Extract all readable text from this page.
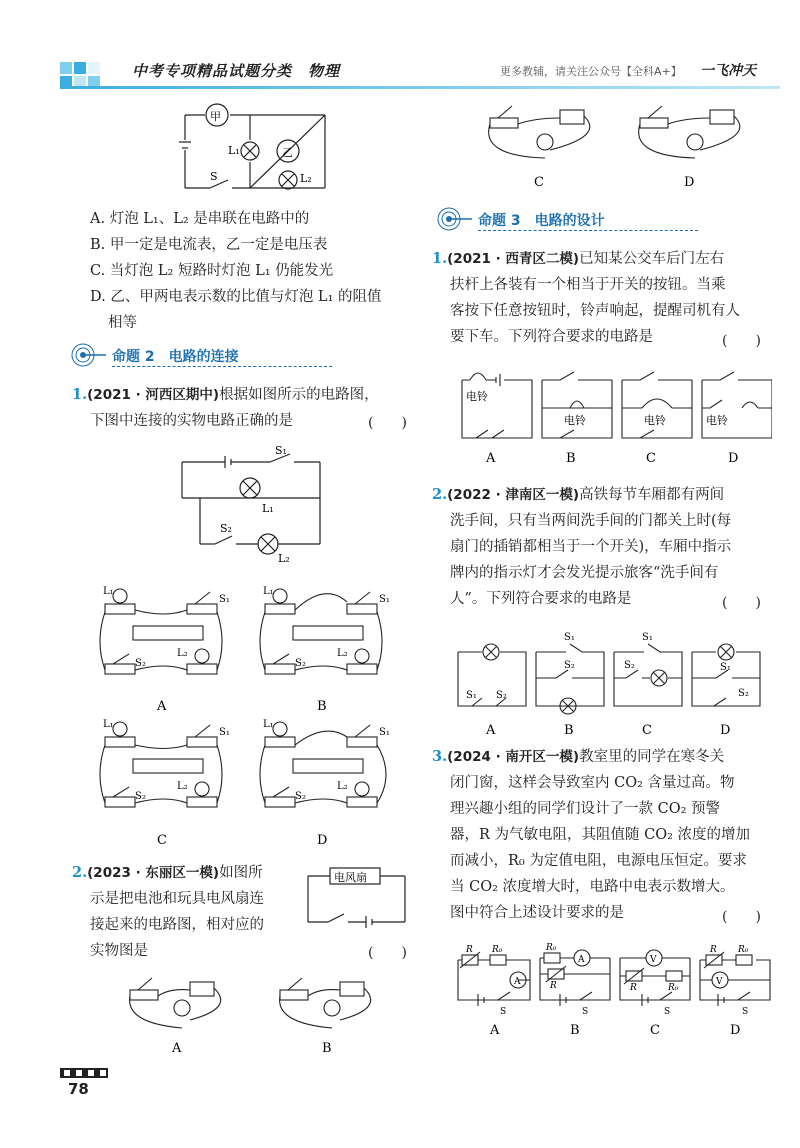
中考专项精品试题分类　物理	更多教辅，请关注公众号【全科A+】 一飞冲天
甲
乙
L₁
L₂
S
A. 灯泡 L₁、L₂ 是串联在电路中的
B. 甲一定是电流表，乙一定是电压表
C. 当灯泡 L₂ 短路时灯泡 L₁ 仍能发光
D. 乙、甲两电表示数的比值与灯泡 L₁ 的阻值
相等
命题 2　电路的连接
1.(2021 · 河西区期中)根据如图所示的电路图，
下图中连接的实物电路正确的是	(　　)
S₁
L₁
S₂
L₂
L₁
S₁
S₂
L₂
L₁
S₁
S₂
L₂
L₁
S₁
S₂
L₂
L₁
S₁
S₂
L₂
A	B
C	D
2.(2023 · 东丽区一模)如图所
示是把电池和玩具电风扇连
接起来的电路图，相对应的
实物图是	(　　)
电风扇
A	B
78
C	D
命题 3　电路的设计
1.(2021 · 西青区二模)已知某公交车后门左右
扶杆上各装有一个相当于开关的按钮。当乘
客按下任意按钮时，铃声响起，提醒司机有人
要下车。下列符合要求的电路是	(　　)
电铃
电铃	电铃	电铃
A	B	C	D
2.(2022 · 津南区一模)高铁每节车厢都有两间
洗手间，只有当两间洗手间的门都关上时(每
扇门的插销都相当于一个开关)，车厢中指示
牌内的指示灯才会发光提示旅客“洗手间有
人”。下列符合要求的电路是	(　　)
S₁ S₂
S₁
S₂
S₁
S₂	S₁
S₂
A	B	C	D
3.(2024 · 南开区一模)教室里的同学在寒冬关
闭门窗，这样会导致室内 CO₂ 含量过高。物
理兴趣小组的同学们设计了一款 CO₂ 预警
器，R 为气敏电阻，其阻值随 CO₂ 浓度的增加
而减小，R₀ 为定值电阻，电源电压恒定。要求
当 CO₂ 浓度增大时，电路中电表示数增大。
图中符合上述设计要求的是	(　　)
R R₀
A
S
R₀
A
R
S
V
R	R₀
S
R R₀
V
S
A	B	C	D
